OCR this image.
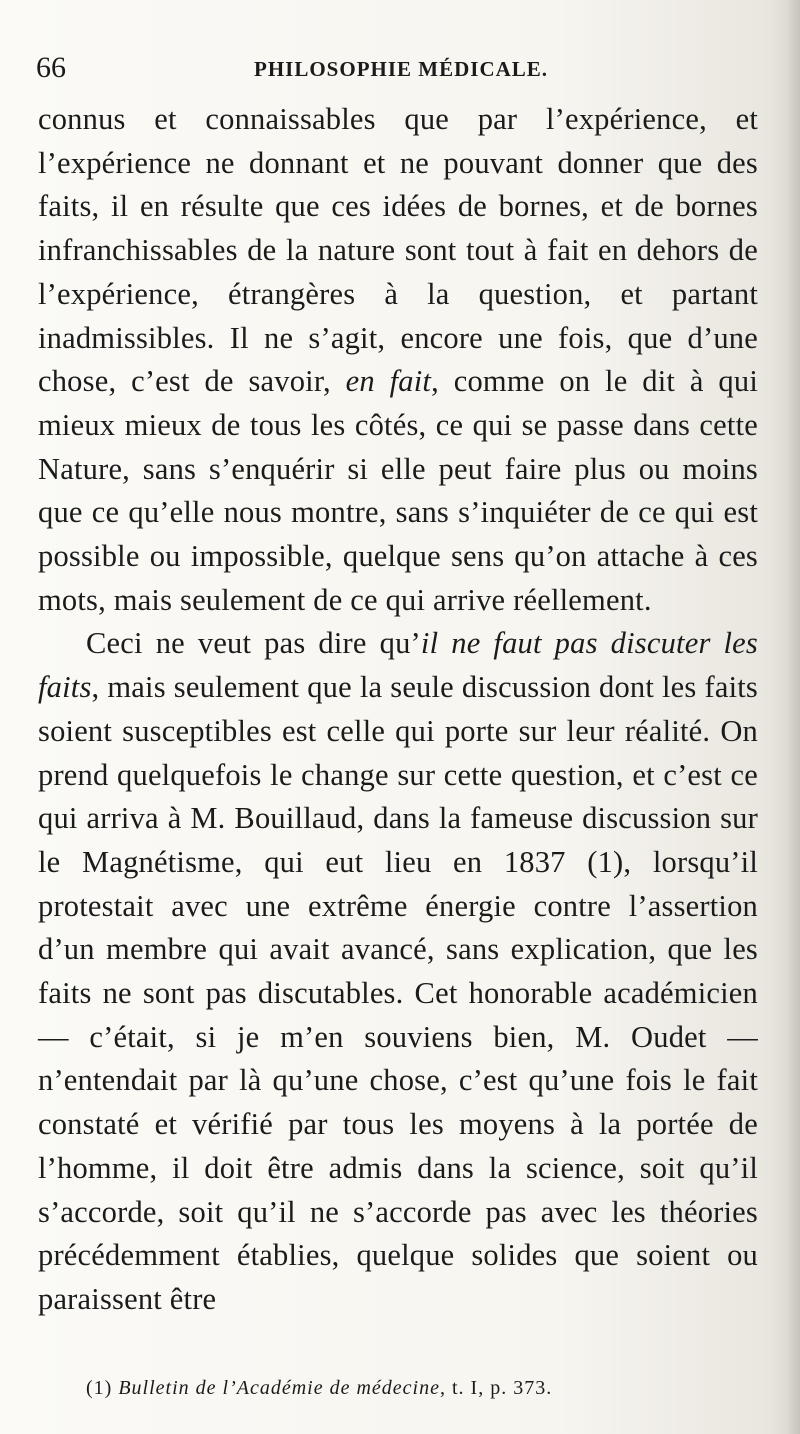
66	PHILOSOPHIE MÉDICALE.

connus et connaissables que par l’expérience, et l’expérience ne donnant et ne pouvant donner que des faits, il en résulte que ces idées de bornes, et de bornes infranchissables de la nature sont tout à fait en dehors de l’expérience, étrangères à la question, et partant inadmissibles. Il ne s’agit, encore une fois, que d’une chose, c’est de savoir, en fait, comme on le dit à qui mieux mieux de tous les côtés, ce qui se passe dans cette Nature, sans s’enquérir si elle peut faire plus ou moins que ce qu’elle nous montre, sans s’inquiéter de ce qui est possible ou impossible, quelque sens qu’on attache à ces mots, mais seulement de ce qui arrive réellement.

Ceci ne veut pas dire qu’il ne faut pas discuter les faits, mais seulement que la seule discussion dont les faits soient susceptibles est celle qui porte sur leur réalité. On prend quelquefois le change sur cette question, et c’est ce qui arriva à M. Bouillaud, dans la fameuse discussion sur le Magnétisme, qui eut lieu en 1837 (1), lorsqu’il protestait avec une extrême énergie contre l’assertion d’un membre qui avait avancé, sans explication, que les faits ne sont pas discutables. Cet honorable académicien — c’était, si je m’en souviens bien, M. Oudet — n’entendait par là qu’une chose, c’est qu’une fois le fait constaté et vérifié par tous les moyens à la portée de l’homme, il doit être admis dans la science, soit qu’il s’accorde, soit qu’il ne s’accorde pas avec les théories précédemment établies, quelque solides que soient ou paraissent être

(1) Bulletin de l’Académie de médecine, t. I, p. 373.
